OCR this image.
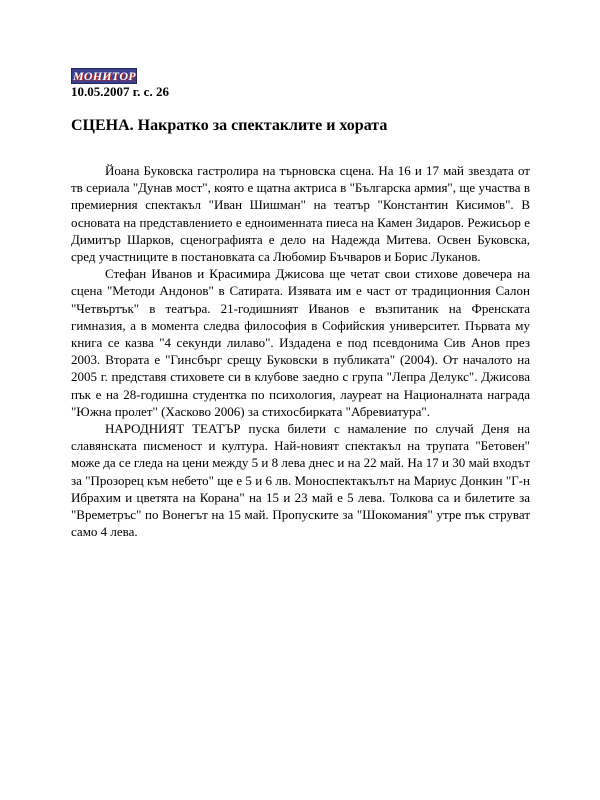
МОНИТОР
10.05.2007 г. с. 26
СЦЕНА. Накратко за спектаклите и хората

Йоана Буковска гастролира на търновска сцена. На 16 и 17 май звездата от тв сериала "Дунав мост", която е щатна актриса в "Българска армия", ще участва в премиерния спектакъл "Иван Шишман" на театър "Константин Кисимов". В основата на представлението е едноименната пиеса на Камен Зидаров. Режисьор е Димитър Шарков, сценографията е дело на Надежда Митева. Освен Буковска, сред участниците в постановката са Любомир Бъчваров и Борис Луканов.

Стефан Иванов и Красимира Джисова ще четат свои стихове довечера на сцена "Методи Андонов" в Сатирата. Изявата им е част от традиционния Салон "Четвъртък" в театъра. 21-годишният Иванов е възпитаник на Френската гимназия, а в момента следва философия в Софийския университет. Първата му книга се казва "4 секунди лилаво". Издадена е под псевдонима Сив Анов през 2003. Втората е "Гинсбърг срещу Буковски в публиката" (2004). От началото на 2005 г. представя стиховете си в клубове заедно с група "Лепра Делукс". Джисова пък е на 28-годишна студентка по психология, лауреат на Националната награда "Южна пролет" (Хасково 2006) за стихосбирката "Абревиатура".

НАРОДНИЯТ ТЕАТЪР пуска билети с намаление по случай Деня на славянската писменост и култура. Най-новият спектакъл на трупата "Бетовен" може да се гледа на цени между 5 и 8 лева днес и на 22 май. На 17 и 30 май входът за "Прозорец към небето" ще е 5 и 6 лв. Моноспектакълът на Мариус Донкин "Г-н Ибрахим и цветята на Корана" на 15 и 23 май е 5 лева. Толкова са и билетите за "Времетръс" по Вонегът на 15 май. Пропуските за "Шокомания" утре пък струват само 4 лева.
